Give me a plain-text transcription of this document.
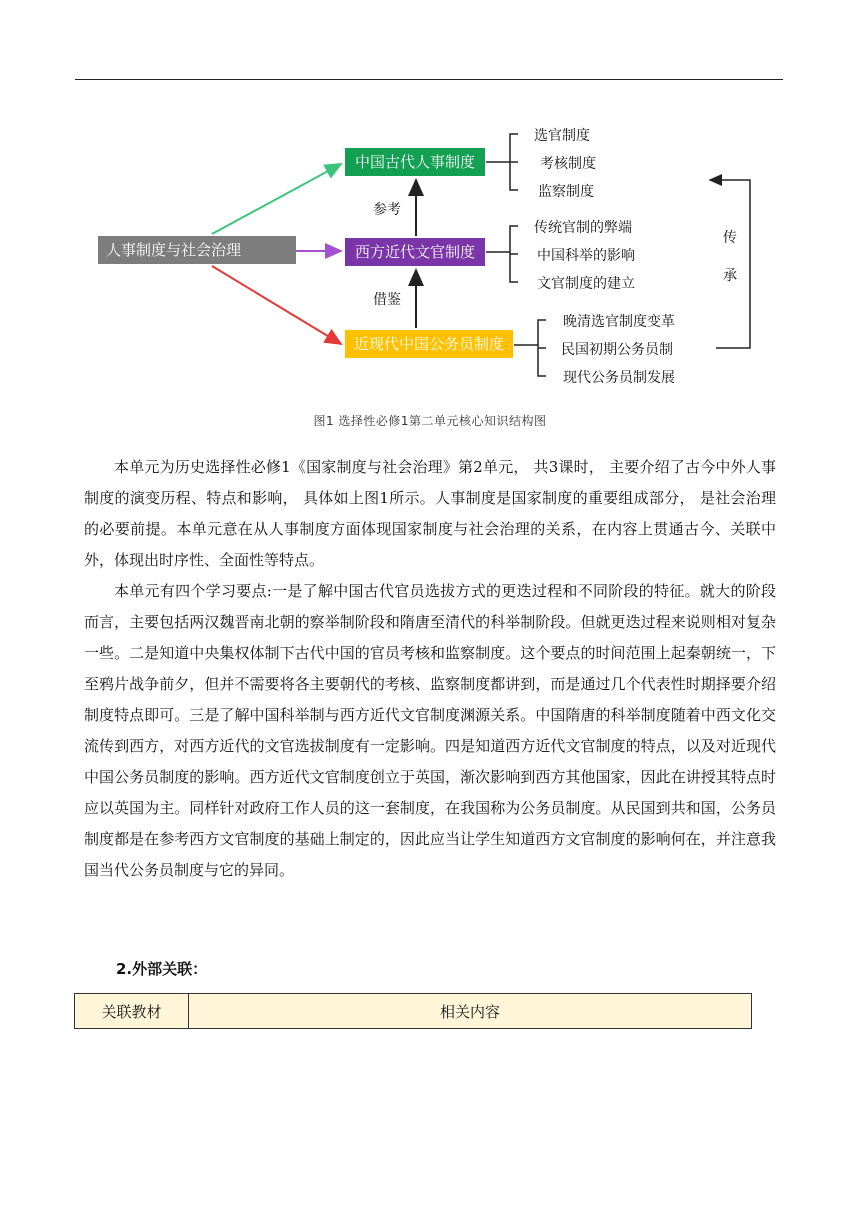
人事制度与社会治理
中国古代人事制度
西方近代文官制度
近现代中国公务员制度
选官制度
考核制度
监察制度
传统官制的弊端
中国科举的影响
文官制度的建立
晚清选官制度变革
民国初期公务员制
现代公务员制发展
参考
借鉴
传
承
图1 选择性必修1第二单元核心知识结构图

本单元为历史选择性必修1《国家制度与社会治理》第2单元， 共3课时， 主要介绍了古今中外人事制度的演变历程、特点和影响， 具体如上图1所示。人事制度是国家制度的重要组成部分， 是社会治理的必要前提。本单元意在从人事制度方面体现国家制度与社会治理的关系，在内容上贯通古今、关联中外，体现出时序性、全面性等特点。

本单元有四个学习要点:一是了解中国古代官员选拔方式的更迭过程和不同阶段的特征。就大的阶段而言，主要包括两汉魏晋南北朝的察举制阶段和隋唐至清代的科举制阶段。但就更迭过程来说则相对复杂一些。二是知道中央集权体制下古代中国的官员考核和监察制度。这个要点的时间范围上起秦朝统一，下至鸦片战争前夕，但并不需要将各主要朝代的考核、监察制度都讲到，而是通过几个代表性时期择要介绍制度特点即可。三是了解中国科举制与西方近代文官制度渊源关系。中国隋唐的科举制度随着中西文化交流传到西方，对西方近代的文官选拔制度有一定影响。四是知道西方近代文官制度的特点，以及对近现代中国公务员制度的影响。西方近代文官制度创立于英国，渐次影响到西方其他国家，因此在讲授其特点时应以英国为主。同样针对政府工作人员的这一套制度，在我国称为公务员制度。从民国到共和国，公务员制度都是在参考西方文官制度的基础上制定的，因此应当让学生知道西方文官制度的影响何在，并注意我国当代公务员制度与它的异同。

2.外部关联：
关联教材	相关内容
